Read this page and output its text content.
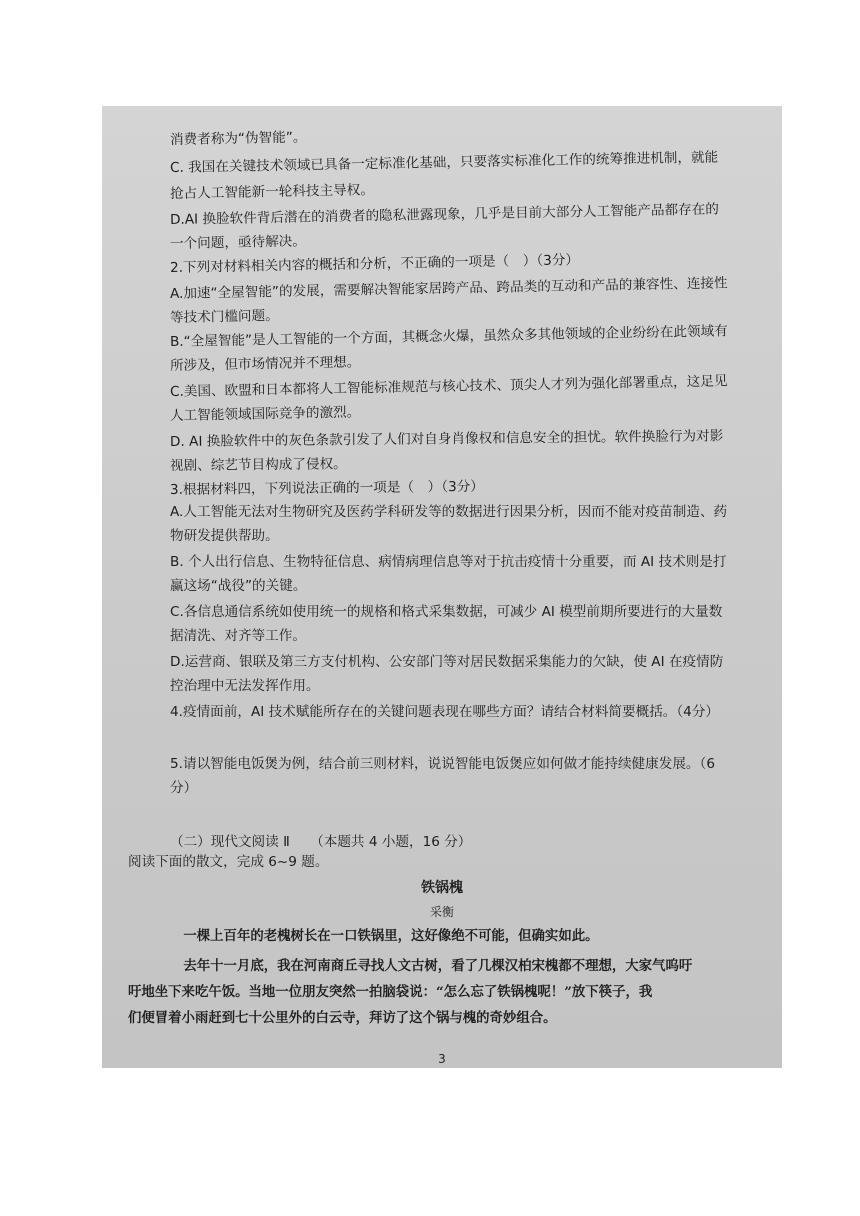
消费者称为“伪智能”。
C. 我国在关键技术领域已具备一定标准化基础，只要落实标准化工作的统筹推进机制，就能
抢占人工智能新一轮科技主导权。
D.AI 换脸软件背后潜在的消费者的隐私泄露现象，几乎是目前大部分人工智能产品都存在的
一个问题，亟待解决。
2.下列对材料相关内容的概括和分析，不正确的一项是（　）（3分）
A.加速“全屋智能”的发展，需要解决智能家居跨产品、跨品类的互动和产品的兼容性、连接性
等技术门槛问题。
B.“全屋智能”是人工智能的一个方面，其概念火爆，虽然众多其他领域的企业纷纷在此领域有
所涉及，但市场情况并不理想。
C.美国、欧盟和日本都将人工智能标准规范与核心技术、顶尖人才列为强化部署重点，这足见
人工智能领域国际竞争的激烈。
D. AI 换脸软件中的灰色条款引发了人们对自身肖像权和信息安全的担忧。软件换脸行为对影
视剧、综艺节目构成了侵权。
3.根据材料四，下列说法正确的一项是（　）（3分）
A.人工智能无法对生物研究及医药学科研发等的数据进行因果分析，因而不能对疫苗制造、药
物研发提供帮助。
B. 个人出行信息、生物特征信息、病情病理信息等对于抗击疫情十分重要，而 AI 技术则是打
赢这场“战役”的关键。
C.各信息通信系统如使用统一的规格和格式采集数据，可减少 AI 模型前期所要进行的大量数
据清洗、对齐等工作。
D.运营商、银联及第三方支付机构、公安部门等对居民数据采集能力的欠缺，使 AI 在疫情防
控治理中无法发挥作用。
4.疫情面前，AI 技术赋能所存在的关键问题表现在哪些方面？请结合材料简要概括。（4分）
5.请以智能电饭煲为例，结合前三则材料，说说智能电饭煲应如何做才能持续健康发展。（6
分）
（二）现代文阅读 Ⅱ　　（本题共 4 小题，16 分）
阅读下面的散文，完成 6~9 题。
铁锅槐
采衡
　一棵上百年的老槐树长在一口铁锅里，这好像绝不可能，但确实如此。
　去年十一月底，我在河南商丘寻找人文古树，看了几棵汉柏宋槐都不理想，大家气呜吁
吁地坐下来吃午饭。当地一位朋友突然一拍脑袋说：“怎么忘了铁锅槐呢！”放下筷子，我
们便冒着小雨赶到七十公里外的白云寺，拜访了这个锅与槐的奇妙组合。
3
